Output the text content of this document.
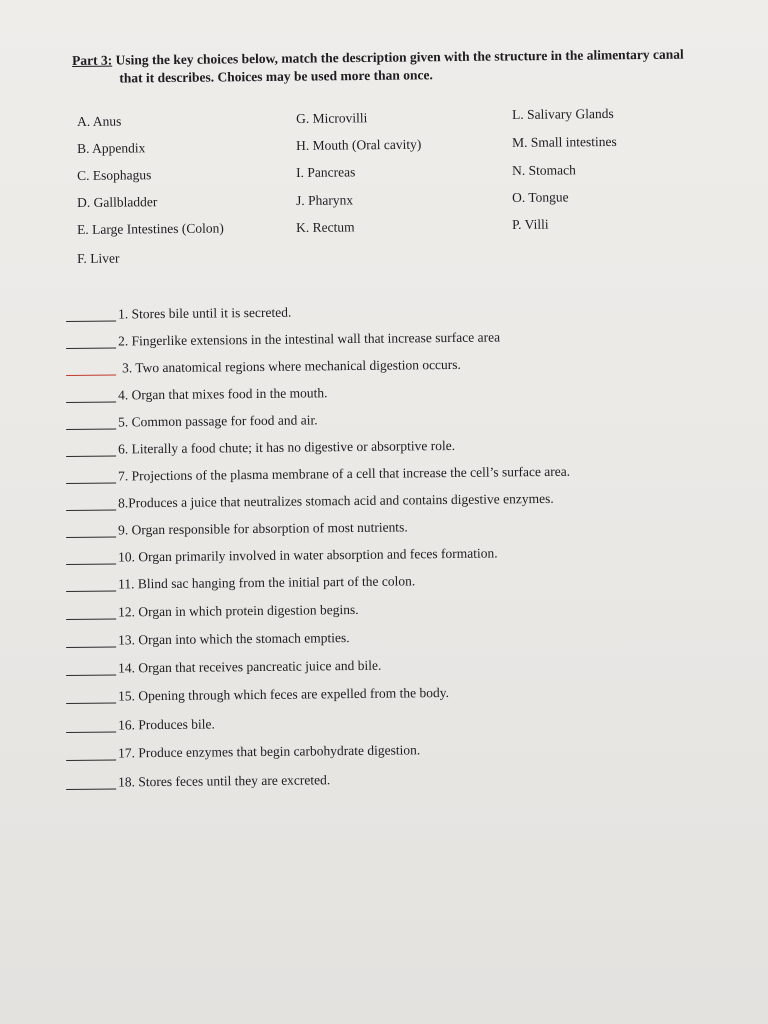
Part 3: Using the key choices below, match the description given with the structure in the alimentary canal
that it describes. Choices may be used more than once.
A. Anus
B. Appendix
C. Esophagus
D. Gallbladder
E. Large Intestines (Colon)
F. Liver
G. Microvilli
H. Mouth (Oral cavity)
I. Pancreas
J. Pharynx
K. Rectum
L. Salivary Glands
M. Small intestines
N. Stomach
O. Tongue
P. Villi
1. Stores bile until it is secreted.
2. Fingerlike extensions in the intestinal wall that increase surface area
3. Two anatomical regions where mechanical digestion occurs.
4. Organ that mixes food in the mouth.
5. Common passage for food and air.
6. Literally a food chute; it has no digestive or absorptive role.
7. Projections of the plasma membrane of a cell that increase the cell’s surface area.
8.Produces a juice that neutralizes stomach acid and contains digestive enzymes.
9. Organ responsible for absorption of most nutrients.
10. Organ primarily involved in water absorption and feces formation.
11. Blind sac hanging from the initial part of the colon.
12. Organ in which protein digestion begins.
13. Organ into which the stomach empties.
14. Organ that receives pancreatic juice and bile.
15. Opening through which feces are expelled from the body.
16. Produces bile.
17. Produce enzymes that begin carbohydrate digestion.
18. Stores feces until they are excreted.
